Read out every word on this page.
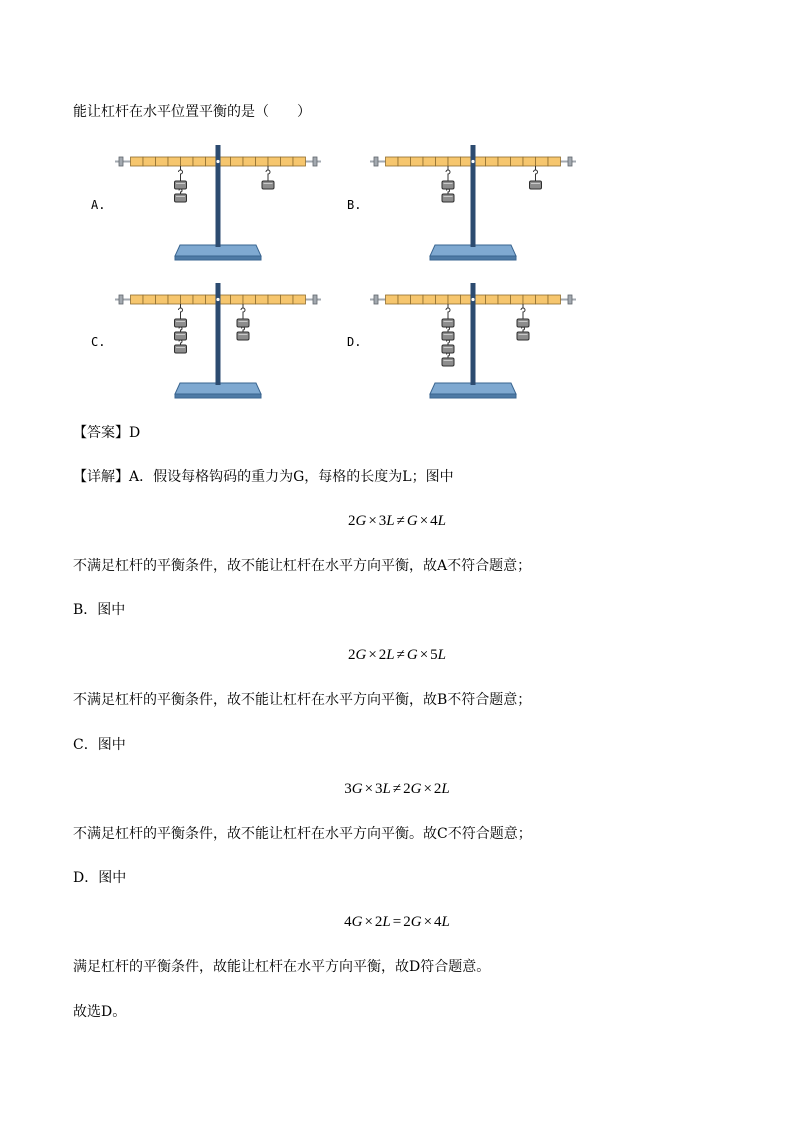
能让杠杆在水平位置平衡的是（　　）
A.	B.
C.	D.
【答案】D
【详解】A．假设每格钩码的重力为G，每格的长度为L；图中
2G × 3L ≠ G × 4L
不满足杠杆的平衡条件，故不能让杠杆在水平方向平衡，故A不符合题意；
B．图中
2G × 2L ≠ G × 5L
不满足杠杆的平衡条件，故不能让杠杆在水平方向平衡，故B不符合题意；
C．图中
3G × 3L ≠ 2G × 2L
不满足杠杆的平衡条件，故不能让杠杆在水平方向平衡。故C不符合题意；
D．图中
4G × 2L = 2G × 4L
满足杠杆的平衡条件，故能让杠杆在水平方向平衡，故D符合题意。
故选D。
